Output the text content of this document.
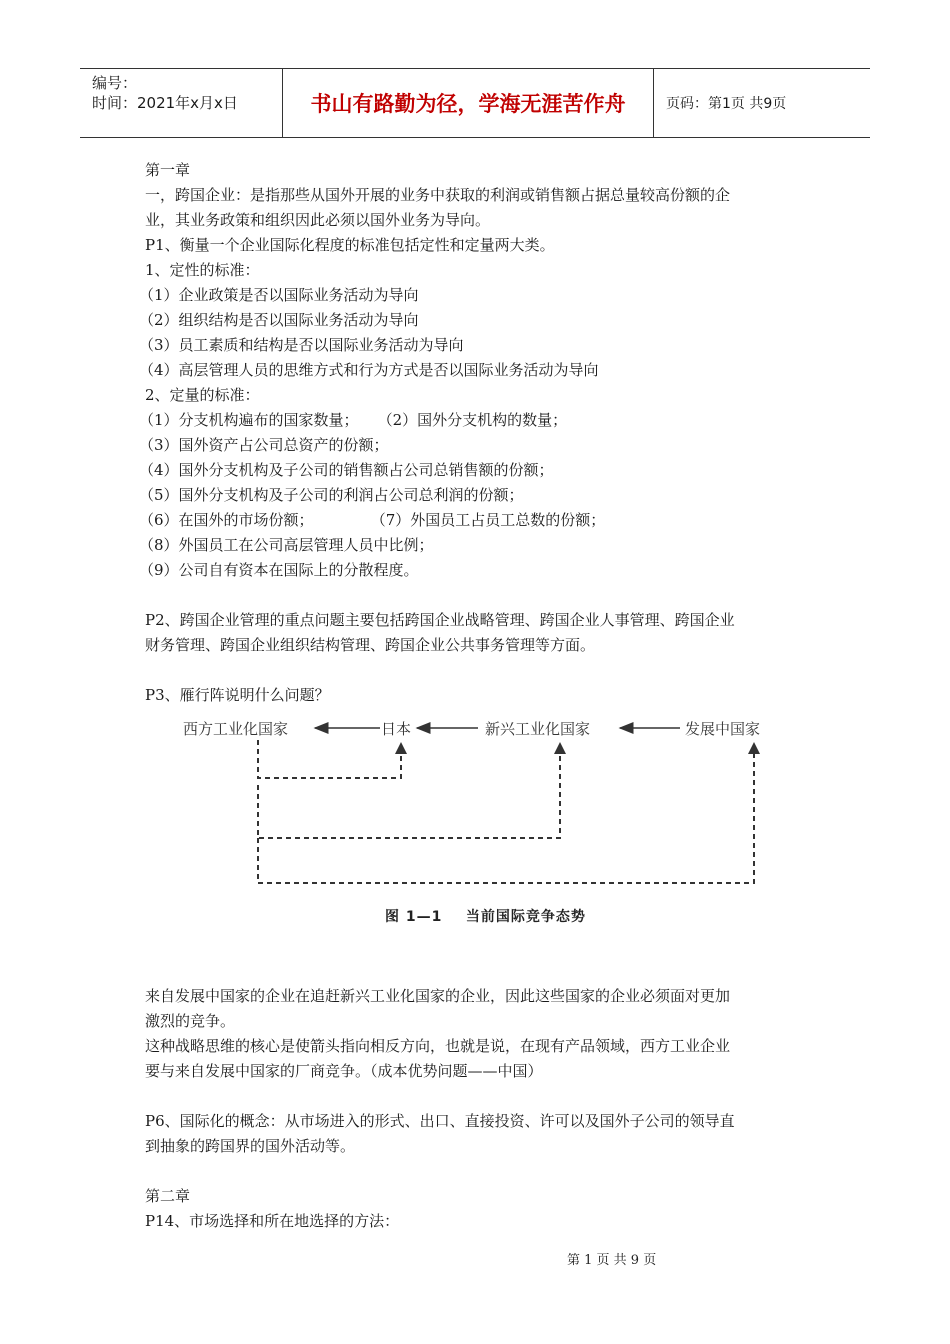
编号：
时间：2021年x月x日	书山有路勤为径，学海无涯苦作舟	页码：第1页 共9页

第一章

一，跨国企业：是指那些从国外开展的业务中获取的利润或销售额占据总量较高份额的企

业，其业务政策和组织因此必须以国外业务为导向。

P1、衡量一个企业国际化程度的标准包括定性和定量两大类。

1、定性的标准：

（1）企业政策是否以国际业务活动为导向

（2）组织结构是否以国际业务活动为导向

（3）员工素质和结构是否以国际业务活动为导向

（4）高层管理人员的思维方式和行为方式是否以国际业务活动为导向

2、定量的标准：

（1）分支机构遍布的国家数量；    （2）国外分支机构的数量；

（3）国外资产占公司总资产的份额；

（4）国外分支机构及子公司的销售额占公司总销售额的份额；

（5）国外分支机构及子公司的利润占公司总利润的份额；

（6）在国外的市场份额；            （7）外国员工占员工总数的份额；

（8）外国员工在公司高层管理人员中比例；

（9）公司自有资本在国际上的分散程度。

P2、跨国企业管理的重点问题主要包括跨国企业战略管理、跨国企业人事管理、跨国企业

财务管理、跨国企业组织结构管理、跨国企业公共事务管理等方面。

P3、雁行阵说明什么问题？

西方工业化国家	日本	新兴工业化国家	发展中国家
图 1—1    当前国际竞争态势

来自发展中国家的企业在追赶新兴工业化国家的企业，因此这些国家的企业必须面对更加

激烈的竞争。

这种战略思维的核心是使箭头指向相反方向，也就是说，在现有产品领域，西方工业企业

要与来自发展中国家的厂商竞争。（成本优势问题——中国）

P6、国际化的概念：从市场进入的形式、出口、直接投资、许可以及国外子公司的领导直

到抽象的跨国界的国外活动等。

第二章

P14、市场选择和所在地选择的方法：

第 1 页 共 9 页
